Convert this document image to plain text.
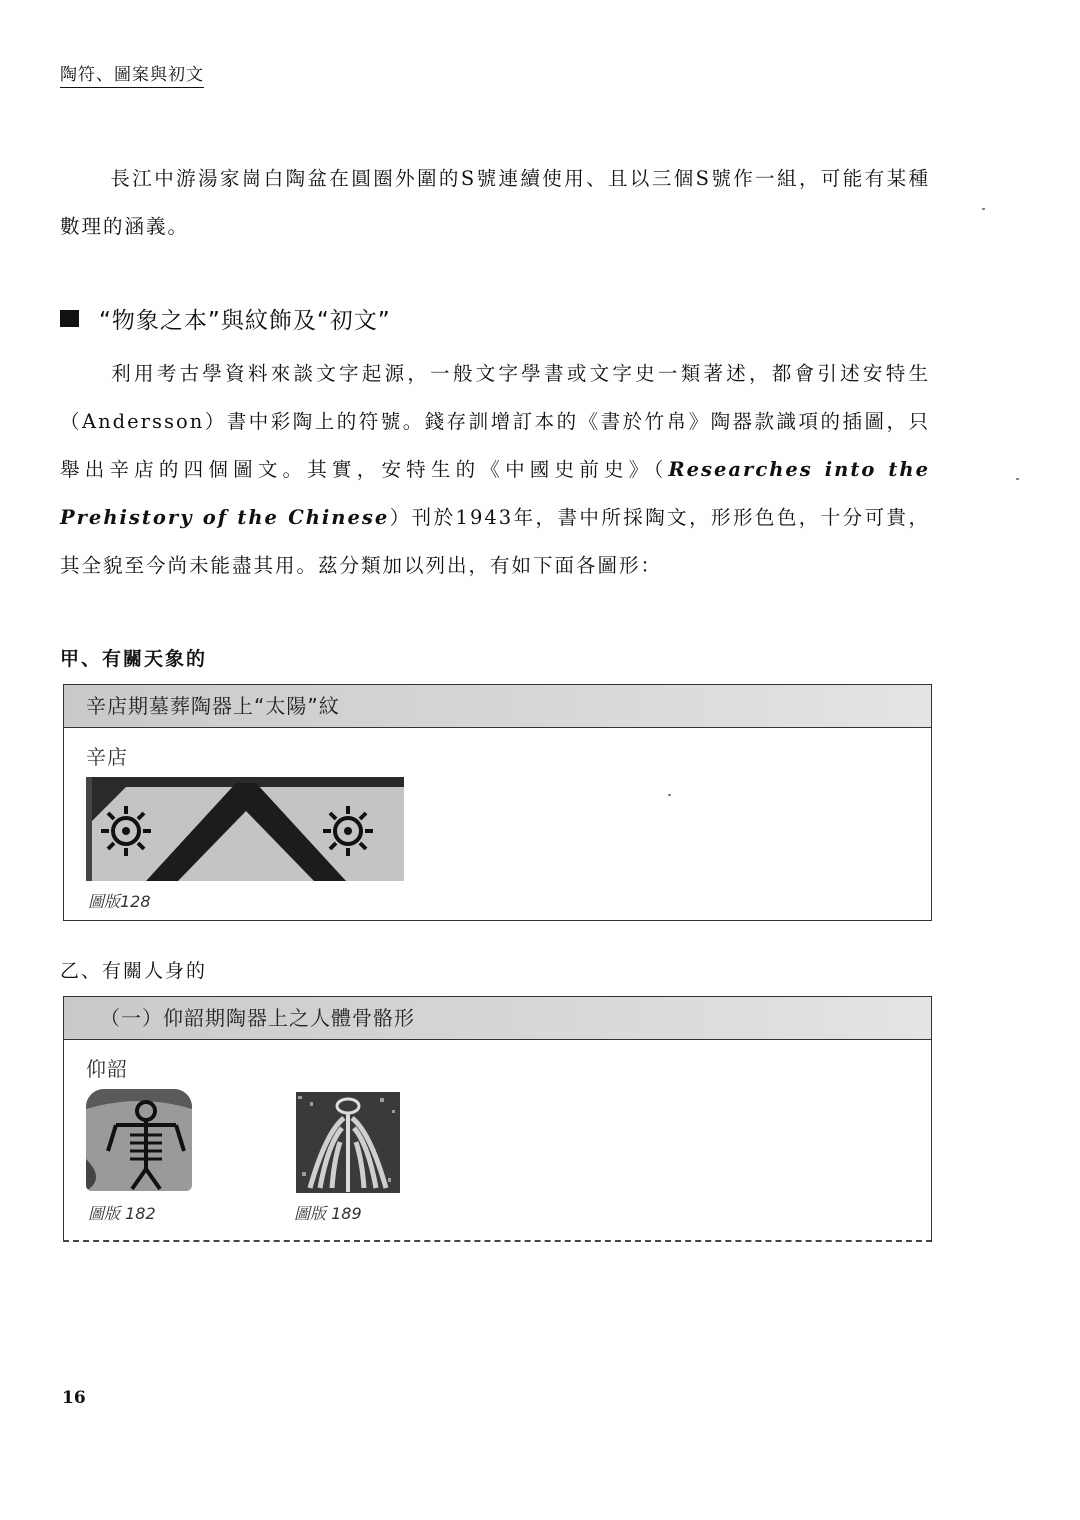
陶符、圖案與初文
長江中游湯家崗白陶盆在圓圈外圍的S號連續使用、且以三個S號作一組，可能有某種數理的涵義。
“物象之本”與紋飾及“初文”
利用考古學資料來談文字起源，一般文字學書或文字史一類著述，都會引述安特生（Andersson）書中彩陶上的符號。錢存訓增訂本的《書於竹帛》陶器款識項的插圖，只舉出辛店的四個圖文。其實，安特生的《中國史前史》（Researches into the Prehistory of the Chinese）刊於1943年，書中所採陶文，形形色色，十分可貴，其全貌至今尚未能盡其用。茲分類加以列出，有如下面各圖形：
甲、有關天象的
辛店期墓葬陶器上“太陽”紋
辛店
圖版128
乙、有關人身的
（一）仰韶期陶器上之人體骨骼形
仰韶
圖版 182	圖版 189
16
